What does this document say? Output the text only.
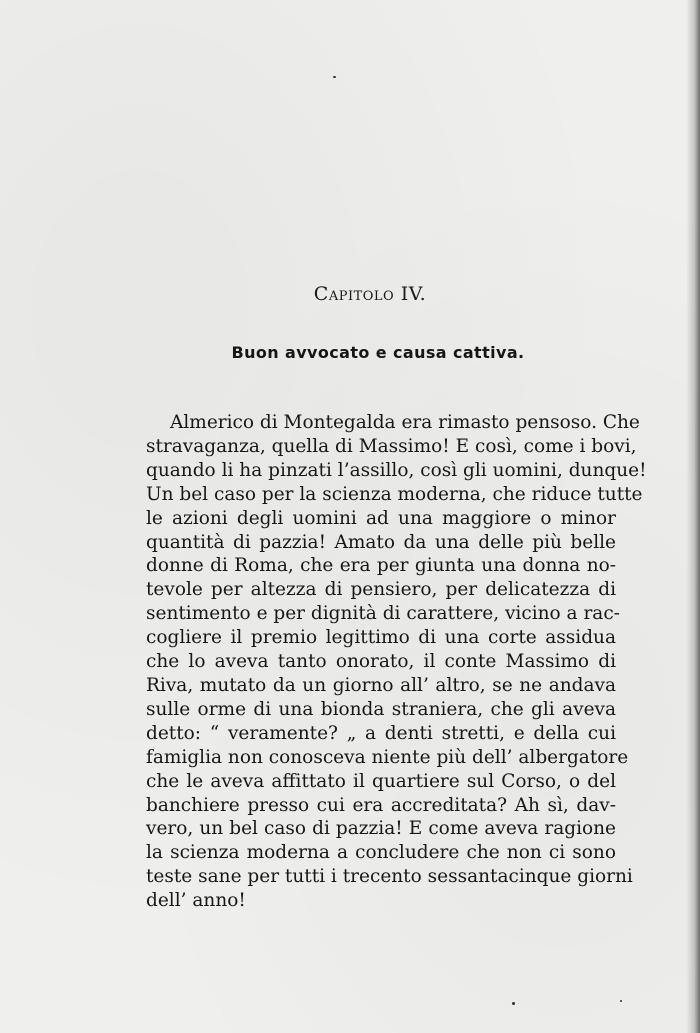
Capitolo IV.
Buon avvocato e causa cattiva.
Almerico di Montegalda era rimasto pensoso. Che
stravaganza, quella di Massimo! E così, come i bovi,
quando li ha pinzati l’assillo, così gli uomini, dunque!
Un bel caso per la scienza moderna, che riduce tutte
le azioni degli uomini ad una maggiore o minor
quantità di pazzia! Amato da una delle più belle
donne di Roma, che era per giunta una donna no-
tevole per altezza di pensiero, per delicatezza di
sentimento e per dignità di carattere, vicino a rac-
cogliere il premio legittimo di una corte assidua
che lo aveva tanto onorato, il conte Massimo di
Riva, mutato da un giorno all’ altro, se ne andava
sulle orme di una bionda straniera, che gli aveva
detto: “ veramente? „ a denti stretti, e della cui
famiglia non conosceva niente più dell’ albergatore
che le aveva affittato il quartiere sul Corso, o del
banchiere presso cui era accreditata? Ah sì, dav-
vero, un bel caso di pazzia! E come aveva ragione
la scienza moderna a concludere che non ci sono
teste sane per tutti i trecento sessantacinque giorni
dell’ anno!
